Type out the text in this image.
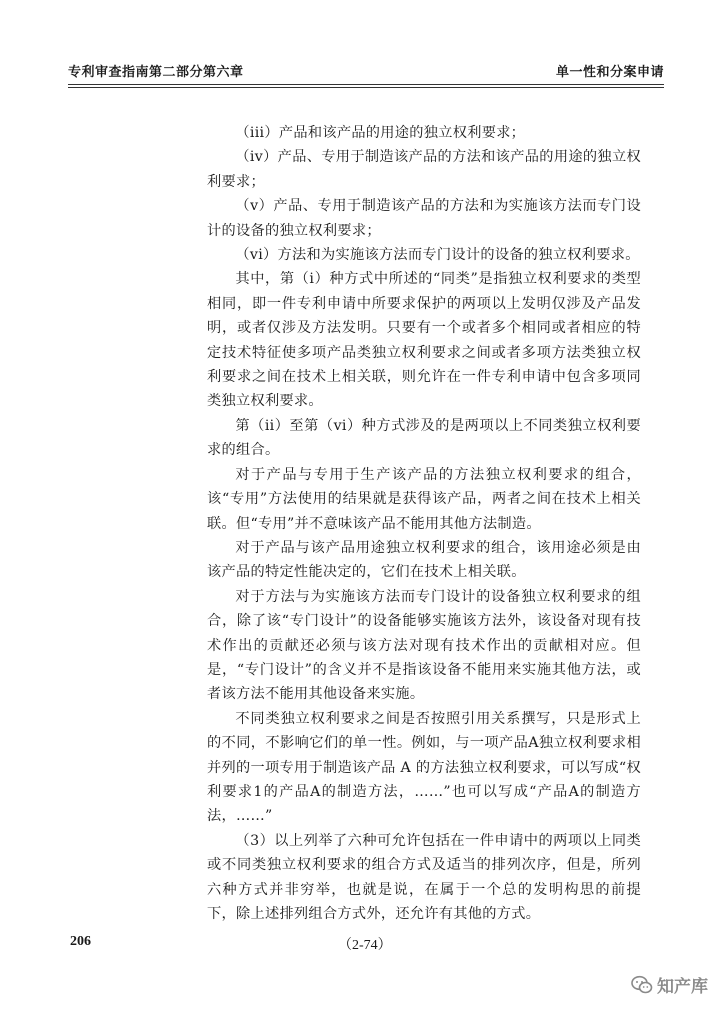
专利审查指南第二部分第六章	单一性和分案申请

（iii）产品和该产品的用途的独立权利要求；

（iv）产品、专用于制造该产品的方法和该产品的用途的独立权利要求；

（v）产品、专用于制造该产品的方法和为实施该方法而专门设计的设备的独立权利要求；

（vi）方法和为实施该方法而专门设计的设备的独立权利要求。

其中，第（i）种方式中所述的“同类”是指独立权利要求的类型相同，即一件专利申请中所要求保护的两项以上发明仅涉及产品发明，或者仅涉及方法发明。只要有一个或者多个相同或者相应的特定技术特征使多项产品类独立权利要求之间或者多项方法类独立权利要求之间在技术上相关联，则允许在一件专利申请中包含多项同类独立权利要求。

第（ii）至第（vi）种方式涉及的是两项以上不同类独立权利要求的组合。

对于产品与专用于生产该产品的方法独立权利要求的组合，该“专用”方法使用的结果就是获得该产品，两者之间在技术上相关联。但“专用”并不意味该产品不能用其他方法制造。

对于产品与该产品用途独立权利要求的组合，该用途必须是由该产品的特定性能决定的，它们在技术上相关联。

对于方法与为实施该方法而专门设计的设备独立权利要求的组合，除了该“专门设计”的设备能够实施该方法外，该设备对现有技术作出的贡献还必须与该方法对现有技术作出的贡献相对应。但是，“专门设计”的含义并不是指该设备不能用来实施其他方法，或者该方法不能用其他设备来实施。

不同类独立权利要求之间是否按照引用关系撰写，只是形式上的不同，不影响它们的单一性。例如，与一项产品A独立权利要求相并列的一项专用于制造该产品 A 的方法独立权利要求，可以写成“权利要求1的产品A的制造方法，……”也可以写成“产品A的制造方法，……”

（3）以上列举了六种可允许包括在一件申请中的两项以上同类或不同类独立权利要求的组合方式及适当的排列次序，但是，所列六种方式并非穷举，也就是说，在属于一个总的发明构思的前提下，除上述排列组合方式外，还允许有其他的方式。

206	（2-74）
知产库
